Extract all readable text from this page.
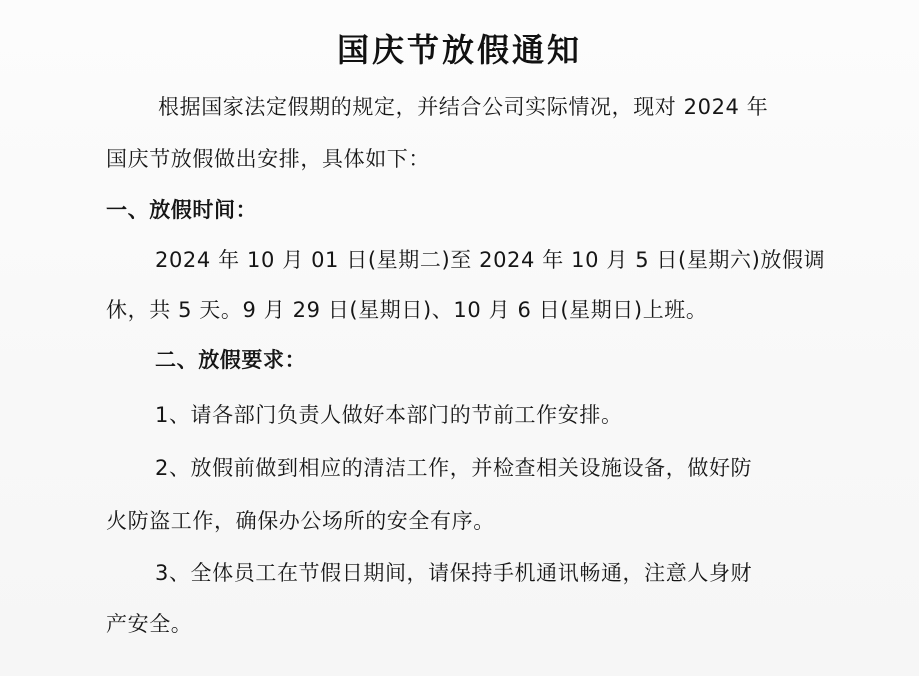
国庆节放假通知
根据国家法定假期的规定，并结合公司实际情况，现对 2024 年
国庆节放假做出安排，具体如下：
一、放假时间：
2024 年 10 月 01 日(星期二)至 2024 年 10 月 5 日(星期六)放假调
休，共 5 天。9 月 29 日(星期日)、10 月 6 日(星期日)上班。
二、放假要求：
1、请各部门负责人做好本部门的节前工作安排。
2、放假前做到相应的清洁工作，并检查相关设施设备，做好防
火防盗工作，确保办公场所的安全有序。
3、全体员工在节假日期间，请保持手机通讯畅通，注意人身财
产安全。
